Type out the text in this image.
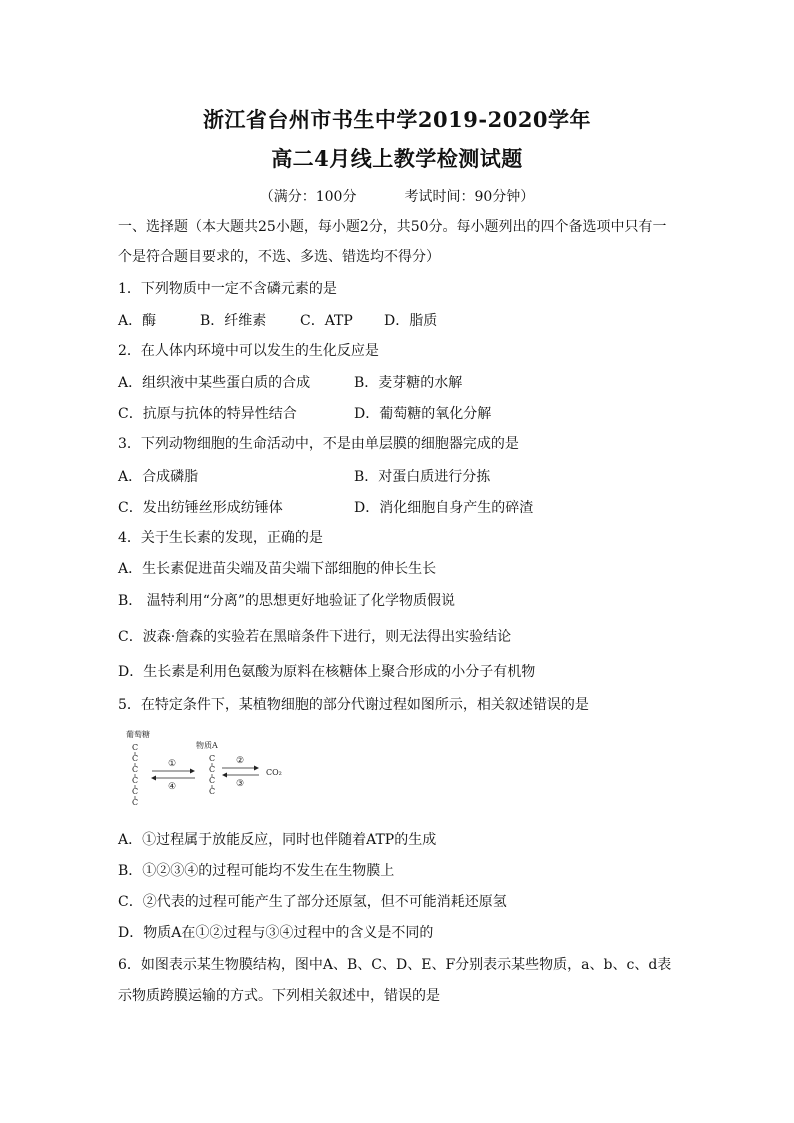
浙江省台州市书生中学2019-2020学年
高二4月线上教学检测试题
（满分：100分	考试时间：90分钟）
一、选择题（本大题共25小题，每小题2分，共50分。每小题列出的四个备选项中只有一
个是符合题目要求的，不选、多选、错选均不得分）
1．下列物质中一定不含磷元素的是
A．酶	B．纤维素 C．ATP D．脂质
2．在人体内环境中可以发生的生化反应是
A．组织液中某些蛋白质的合成	B．麦芽糖的水解
C．抗原与抗体的特异性结合	D．葡萄糖的氧化分解
3．下列动物细胞的生命活动中，不是由单层膜的细胞器完成的是
A．合成磷脂	B．对蛋白质进行分拣
C．发出纺锤丝形成纺锤体	D．消化细胞自身产生的碎渣
4．关于生长素的发现，正确的是
A．生长素促进苗尖端及苗尖端下部细胞的伸长生长
B． 温特利用“分离”的思想更好地验证了化学物质假说
C．波森·詹森的实验若在黑暗条件下进行，则无法得出实验结论
D．生长素是利用色氨酸为原料在核糖体上聚合形成的小分子有机物
5．在特定条件下，某植物细胞的部分代谢过程如图所示，相关叙述错误的是
葡萄糖
物质A
C
C
C
C
C
C
①
④
C
C
C
C
②
③
CO₂
A．①过程属于放能反应，同时也伴随着ATP的生成
B．①②③④的过程可能均不发生在生物膜上
C．②代表的过程可能产生了部分还原氢，但不可能消耗还原氢
D．物质A在①②过程与③④过程中的含义是不同的
6．如图表示某生物膜结构，图中A、B、C、D、E、F分别表示某些物质，a、b、c、d表
示物质跨膜运输的方式。下列相关叙述中，错误的是
